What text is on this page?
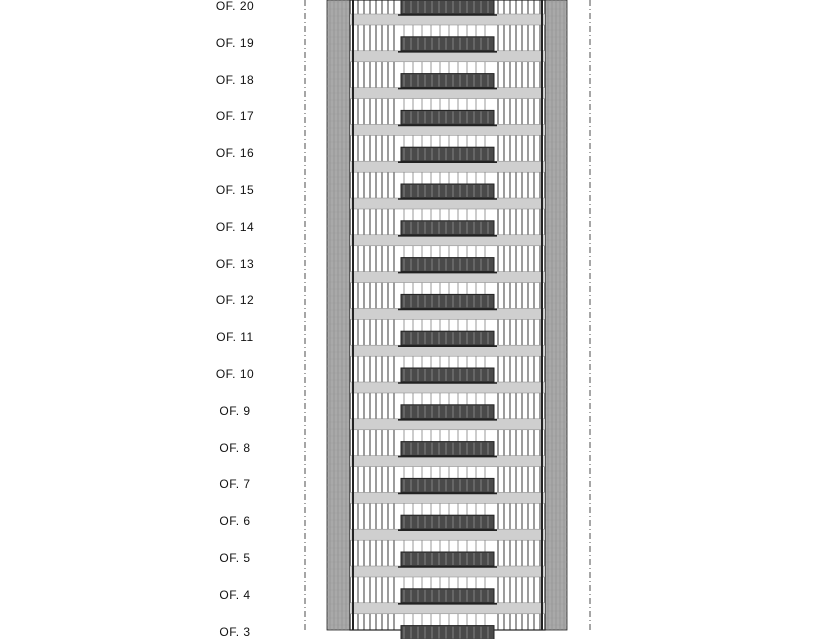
OF. 20
OF. 19
OF. 18
OF. 17
OF. 16
OF. 15
OF. 14
OF. 13
OF. 12
OF. 11
OF. 10
OF. 9
OF. 8
OF. 7
OF. 6
OF. 5
OF. 4
OF. 3
